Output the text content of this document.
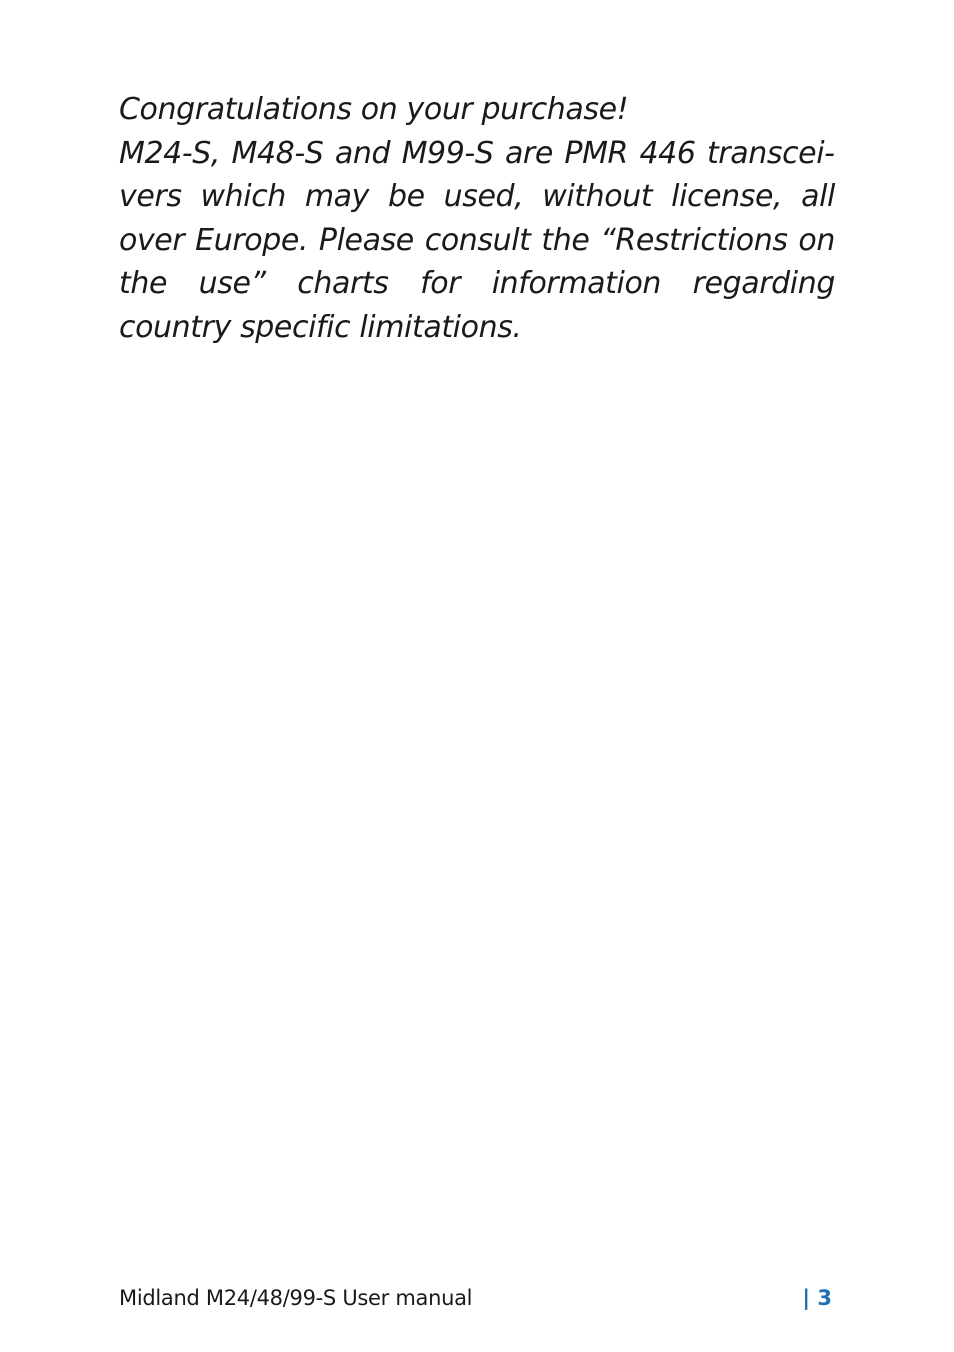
Congratulations on your purchase!

M24-S, M48-S and M99-S are PMR 446 transceivers which may be used, without license, all over Europe. Please consult the “Restrictions on the use” charts for information regarding country specific limitations.

Midland M24/48/99-S User manual	| 3
